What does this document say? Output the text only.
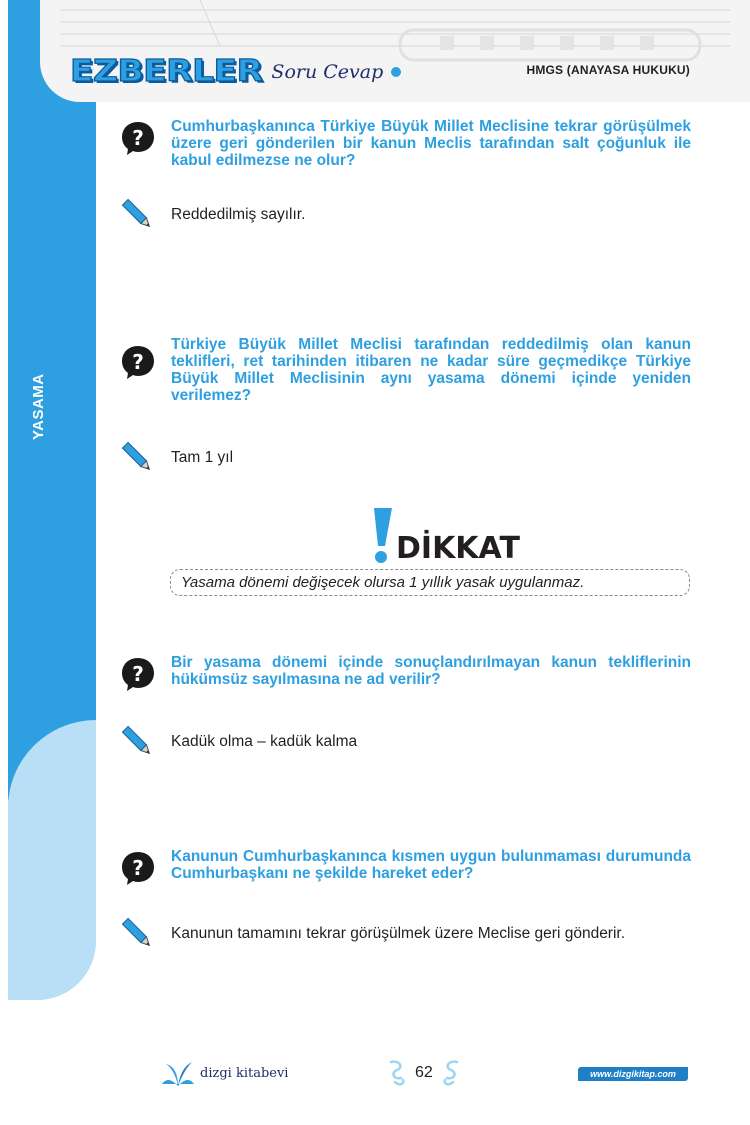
YASAMA
EZBERLER Soru Cevap	HMGS (ANAYASA HUKUKU)
? Cumhurbaşkanınca Türkiye Büyük Millet Meclisine tekrar görüşülmek üzere geri gönderilen bir kanun Meclis tarafından salt çoğunluk ile kabul edilmezse ne olur?
Reddedilmiş sayılır.
?
Türkiye Büyük Millet Meclisi tarafından reddedilmiş olan kanun teklifleri, ret tarihinden itibaren ne kadar süre geçmedikçe Türkiye Büyük Millet Meclisinin aynı yasama dönemi içinde yeniden verilemez?
Tam 1 yıl
DİKKAT
Yasama dönemi değişecek olursa 1 yıllık yasak uygulanmaz.
? Bir yasama dönemi içinde sonuçlandırılmayan kanun tekliflerinin hükümsüz sayılmasına ne ad verilir?
Kadük olma – kadük kalma
? Kanunun Cumhurbaşkanınca kısmen uygun bulunmaması durumunda Cumhurbaşkanı ne şekilde hareket eder?
Kanunun tamamını tekrar görüşülmek üzere Meclise geri gönderir.
dizgi kitabevi	62	www.dizgikitap.com
